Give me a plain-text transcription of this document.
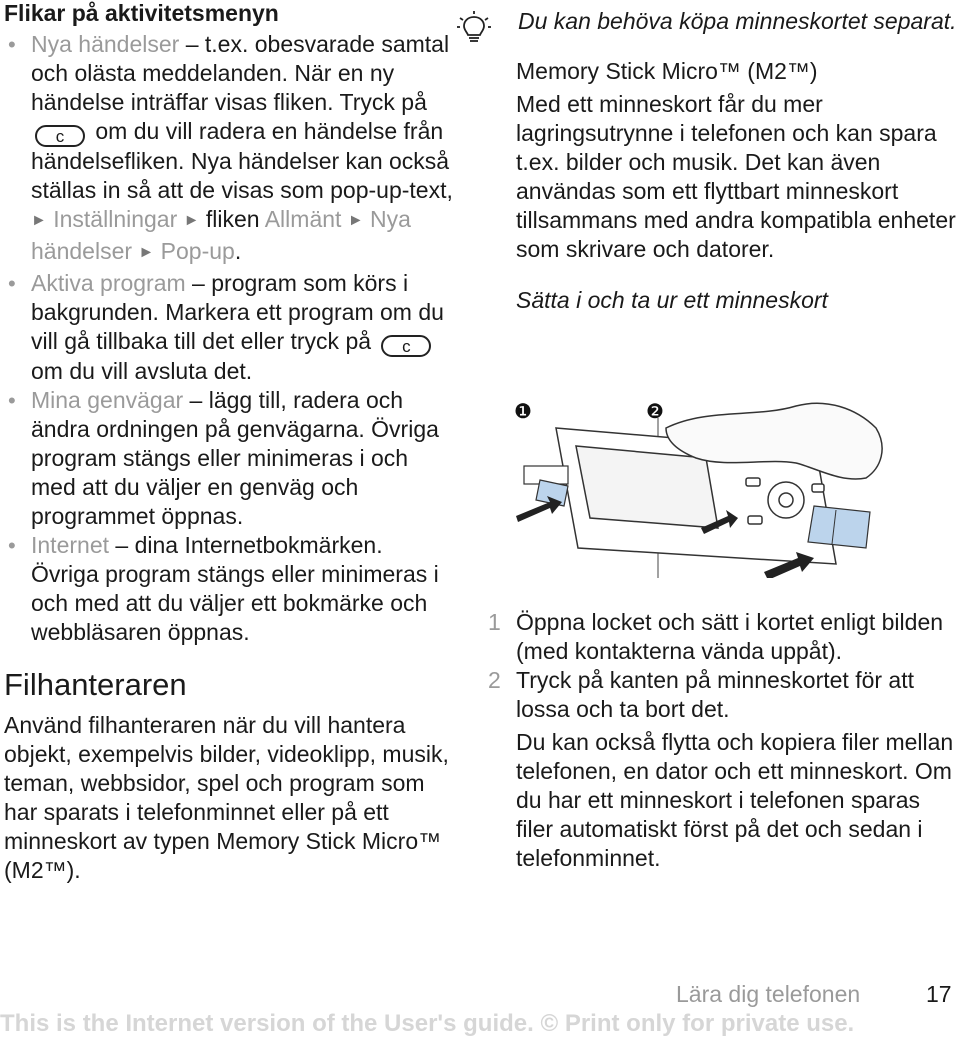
Flikar på aktivitetsmenyn
• Nya händelser – t.ex. obesvarade samtal och olästa meddelanden. När en ny händelse inträffar visas fliken. Tryck på c om du vill radera en händelse från händelsefliken. Nya händelser kan också ställas in så att de visas som pop-up-text, ► Inställningar ► fliken Allmänt ► Nya händelser ► Pop-up.
• Aktiva program – program som körs i bakgrunden. Markera ett program om du vill gå tillbaka till det eller tryck på c om du vill avsluta det.
• Mina genvägar – lägg till, radera och ändra ordningen på genvägarna. Övriga program stängs eller minimeras i och med att du väljer en genväg och programmet öppnas.
• Internet – dina Internetbokmärken. Övriga program stängs eller minimeras i och med att du väljer ett bokmärke och webbläsaren öppnas.
Filhanteraren

Använd filhanteraren när du vill hantera objekt, exempelvis bilder, videoklipp, musik, teman, webbsidor, spel och program som har sparats i telefonminnet eller på ett minneskort av typen Memory Stick Micro™ (M2™).

Du kan behöva köpa minneskortet separat.

Memory Stick Micro™ (M2™)

Med ett minneskort får du mer lagringsutrynne i telefonen och kan spara t.ex. bilder och musik. Det kan även användas som ett flyttbart minneskort tillsammans med andra kompatibla enheter som skrivare och datorer.

Sätta i och ta ur ett minneskort
❶	❷
1 Öppna locket och sätt i kortet enligt bilden (med kontakterna vända uppåt).
2 Tryck på kanten på minneskortet för att lossa och ta bort det.
Du kan också flytta och kopiera filer mellan telefonen, en dator och ett minneskort. Om du har ett minneskort i telefonen sparas filer automatiskt först på det och sedan i telefonminnet.
Lära dig telefonen	17
This is the Internet version of the User's guide. © Print only for private use.
